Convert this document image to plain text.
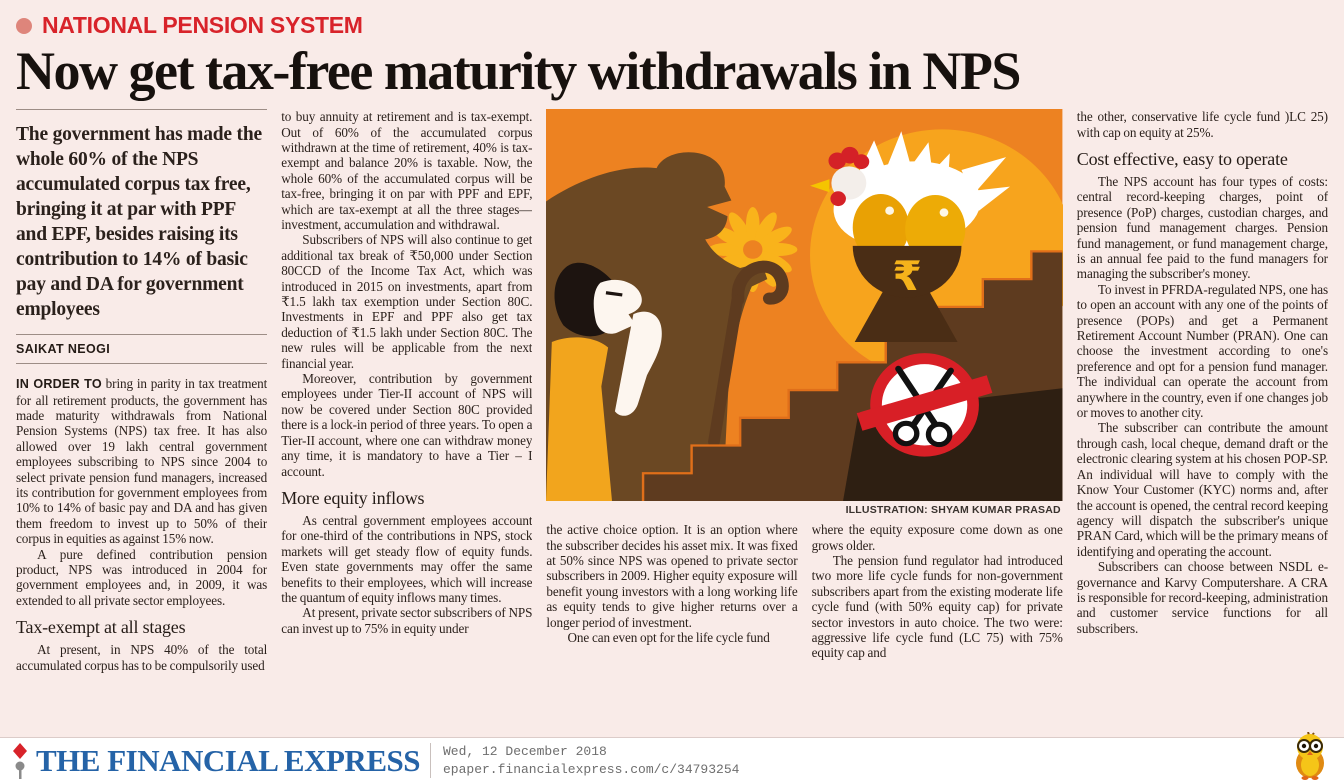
NATIONAL PENSION SYSTEM
Now get tax-free maturity withdrawals in NPS
The government has made the whole 60% of the NPS accumulated corpus tax free, bringing it at par with PPF and EPF, besides raising its contribution to 14% of basic pay and DA for government employees
SAIKAT NEOGI

IN ORDER TO bring in parity in tax treatment for all retirement products, the government has made maturity withdrawals from National Pension Systems (NPS) tax free. It has also allowed over 19 lakh central government employees subscribing to NPS since 2004 to select private pension fund managers, increased its contribution for government employees from 10% to 14% of basic pay and DA and has given them freedom to invest up to 50% of their corpus in equities as against 15% now.

A pure defined contribution pension product, NPS was introduced in 2004 for government employees and, in 2009, it was extended to all private sector employees.

Tax-exempt at all stages

At present, in NPS 40% of the total accumulated corpus has to be compulsorily used

to buy annuity at retirement and is tax-exempt. Out of 60% of the accumulated corpus withdrawn at the time of retirement, 40% is tax-exempt and balance 20% is taxable. Now, the whole 60% of the accumulated corpus will be tax-free, bringing it on par with PPF and EPF, which are tax-exempt at all the three stages—investment, accumulation and withdrawal.

Subscribers of NPS will also continue to get additional tax break of ₹50,000 under Section 80CCD of the Income Tax Act, which was introduced in 2015 on investments, apart from ₹1.5 lakh tax exemption under Section 80C. Investments in EPF and PPF also get tax deduction of ₹1.5 lakh under Section 80C. The new rules will be applicable from the next financial year.

Moreover, contribution by government employees under Tier-II account of NPS will now be covered under Section 80C provided there is a lock-in period of three years. To open a Tier-II account, where one can withdraw money any time, it is mandatory to have a Tier – I account.

More equity inflows

As central government employees account for one-third of the contributions in NPS, stock markets will get steady flow of equity funds. Even state governments may offer the same benefits to their employees, which will increase the quantum of equity inflows many times.

At present, private sector subscribers of NPS can invest up to 75% in equity under

₹
ILLUSTRATION: SHYAM KUMAR PRASAD

the active choice option. It is an option where the subscriber decides his asset mix. It was fixed at 50% since NPS was opened to private sector subscribers in 2009. Higher equity exposure will benefit young investors with a long working life as equity tends to give higher returns over a longer period of investment.

One can even opt for the life cycle fund

where the equity exposure come down as one grows older.

The pension fund regulator had introduced two more life cycle funds for non-government subscribers apart from the existing moderate life cycle fund (with 50% equity cap) for private sector investors in auto choice. The two were: aggressive life cycle fund (LC 75) with 75% equity cap and

the other, conservative life cycle fund )LC 25) with cap on equity at 25%.

Cost effective, easy to operate

The NPS account has four types of costs: central record-keeping charges, point of presence (PoP) charges, custodian charges, and pension fund management charges. Pension fund management, or fund management charge, is an annual fee paid to the fund managers for managing the subscriber's money.

To invest in PFRDA-regulated NPS, one has to open an account with any one of the points of presence (POPs) and get a Permanent Retirement Account Number (PRAN). One can choose the investment according to one's preference and opt for a pension fund manager. The individual can operate the account from anywhere in the country, even if one changes job or moves to another city.

The subscriber can contribute the amount through cash, local cheque, demand draft or the electronic clearing system at his chosen POP-SP. An individual will have to comply with the Know Your Customer (KYC) norms and, after the account is opened, the central record keeping agency will dispatch the subscriber's unique PRAN Card, which will be the primary means of identifying and operating the account.

Subscribers can choose between NSDL e-governance and Karvy Computershare. A CRA is responsible for record-keeping, administration and customer service functions for all subscribers.

THE FINANCIAL EXPRESS Wed, 12 December 2018
epaper.financialexpress.com/c/34793254
